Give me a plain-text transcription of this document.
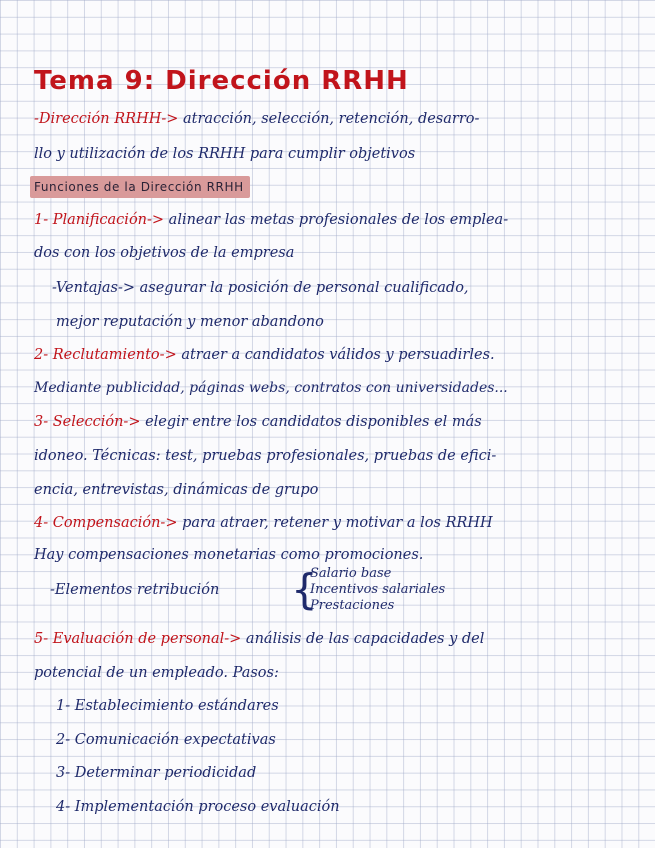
Tema 9: Dirección RRHH
-Dirección RRHH-> atracción, selección, retención, desarro-
llo y utilización de los RRHH para cumplir objetivos
Funciones de la Dirección RRHH
1- Planificación-> alinear las metas profesionales de los emplea-
dos con los objetivos de la empresa
-Ventajas-> asegurar la posición de personal cualificado,
mejor reputación y menor abandono
2- Reclutamiento-> atraer a candidatos válidos y persuadirles.
Mediante publicidad, páginas webs, contratos con universidades...
3- Selección-> elegir entre los candidatos disponibles el más
idoneo. Técnicas: test, pruebas profesionales, pruebas de efici-
encia, entrevistas, dinámicas de grupo
4- Compensación-> para atraer, retener y motivar a los RRHH
Hay compensaciones monetarias como promociones.
-Elementos retribución {
Salario base
Incentivos salariales
Prestaciones
5- Evaluación de personal-> análisis de las capacidades y del
potencial de un empleado. Pasos:
1- Establecimiento estándares
2- Comunicación expectativas
3- Determinar periodicidad
4- Implementación proceso evaluación
